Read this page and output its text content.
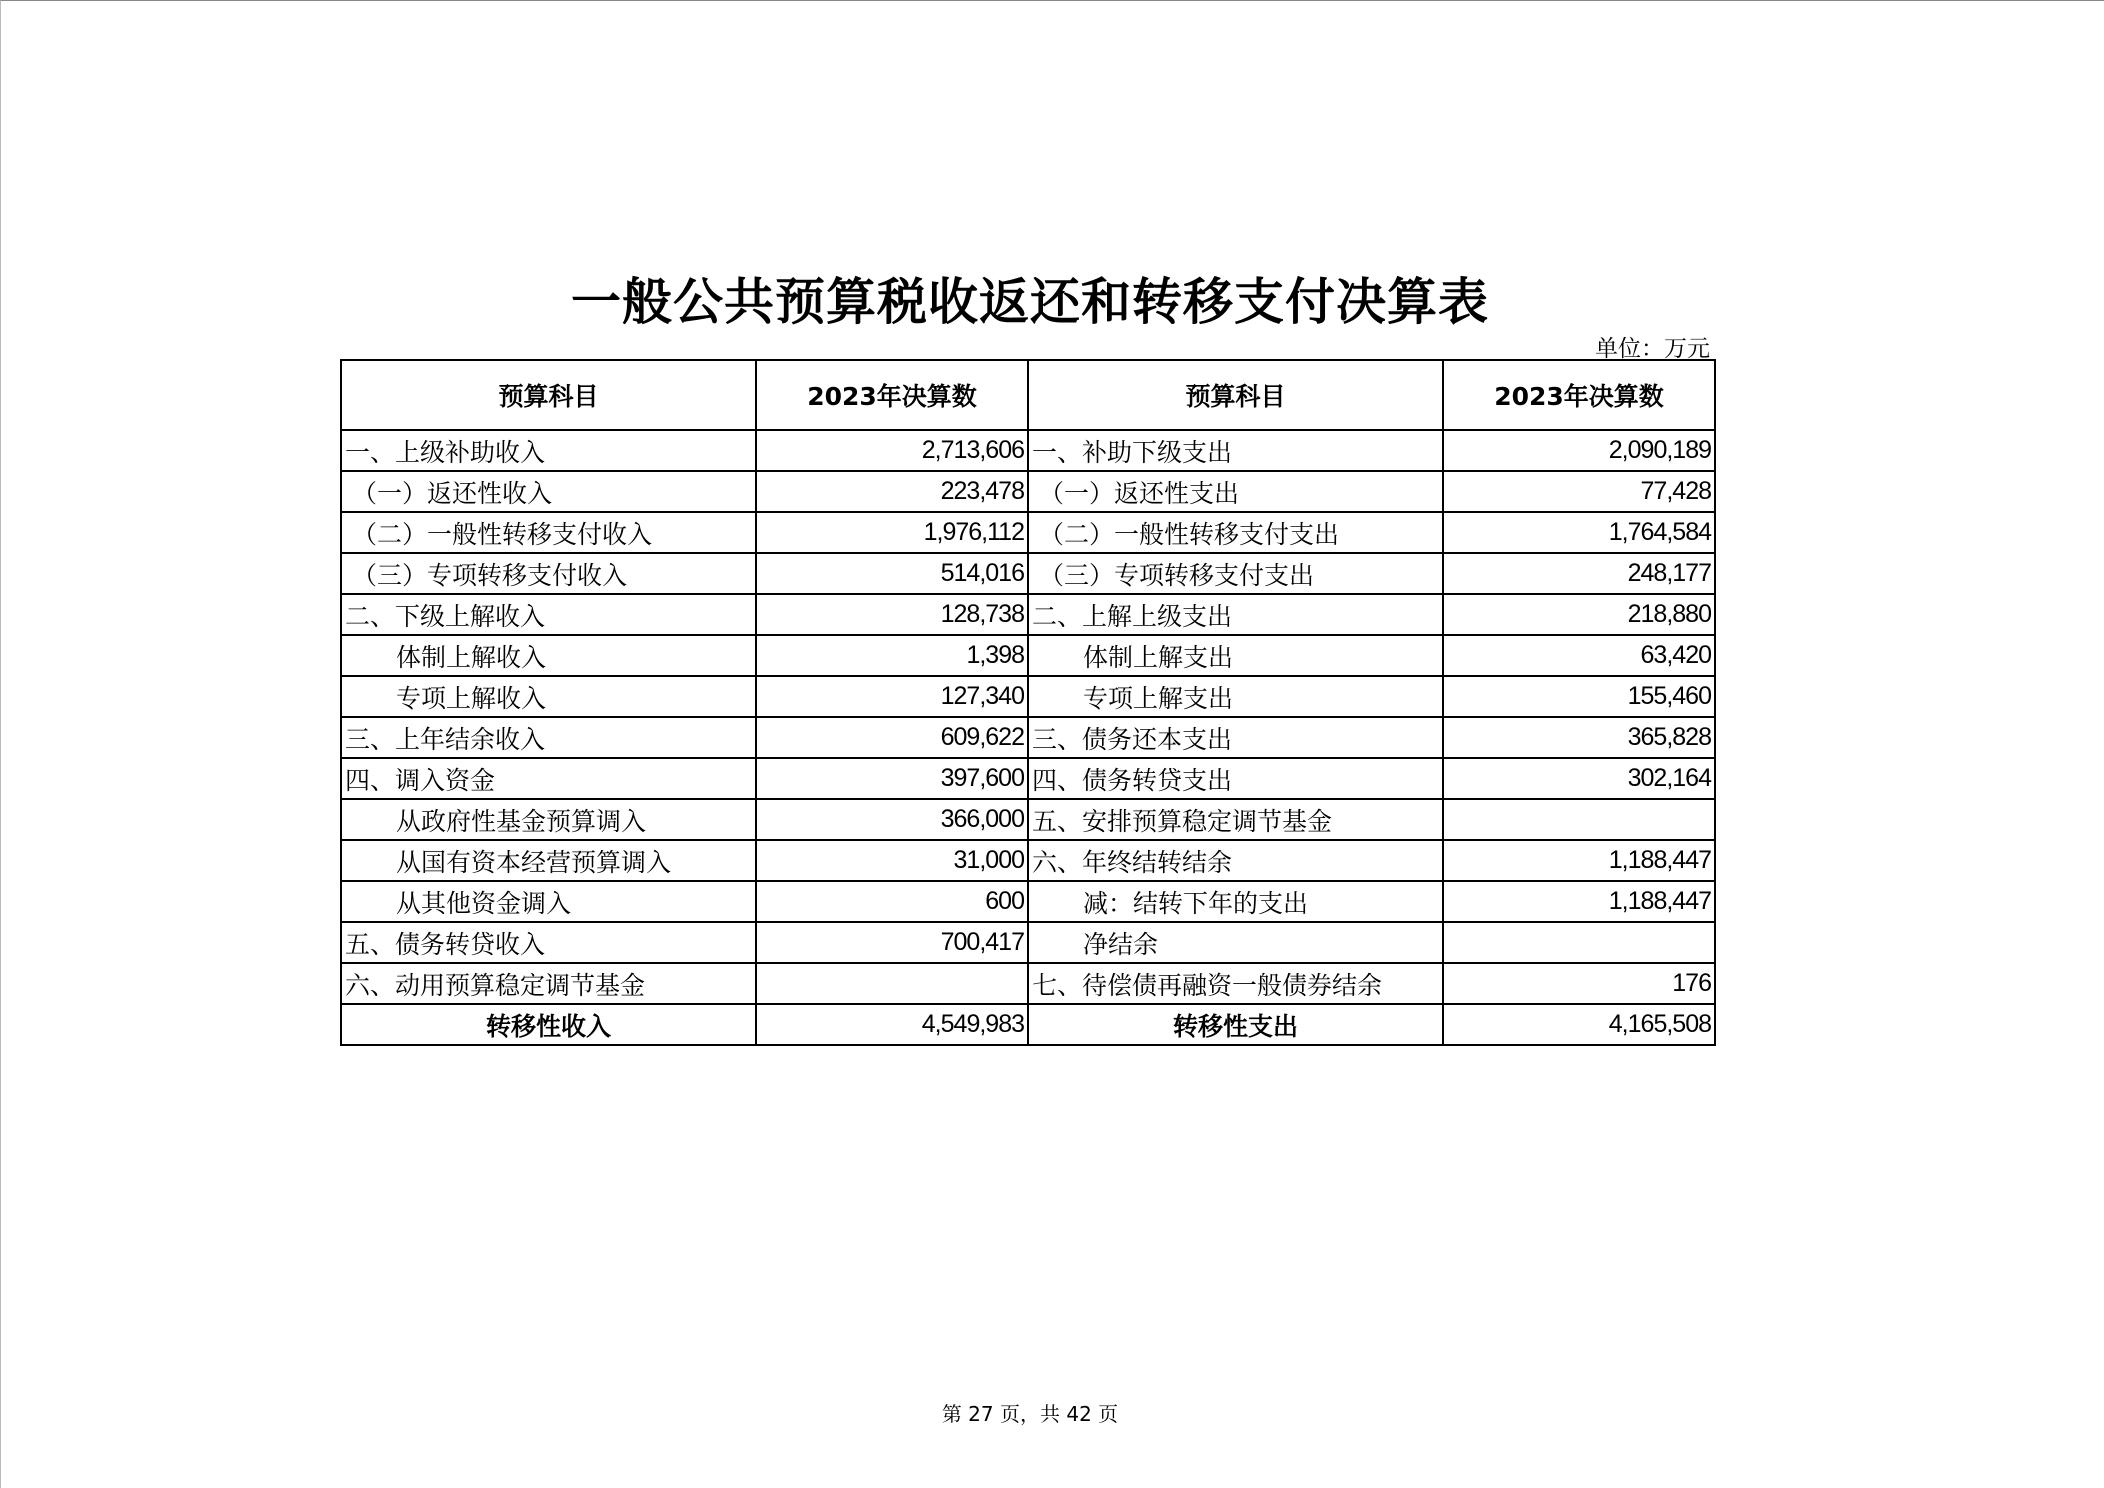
一般公共预算税收返还和转移支付决算表
单位：万元
预算科目	2023年决算数	预算科目	2023年决算数
一、上级补助收入	2,713,606	一、补助下级支出	2,090,189
（一）返还性收入	223,478	（一）返还性支出	77,428
（二）一般性转移支付收入	1,976,112	（二）一般性转移支付支出	1,764,584
（三）专项转移支付收入	514,016	（三）专项转移支付支出	248,177
二、下级上解收入	128,738	二、上解上级支出	218,880
体制上解收入	1,398	体制上解支出	63,420
专项上解收入	127,340	专项上解支出	155,460
三、上年结余收入	609,622	三、债务还本支出	365,828
四、调入资金	397,600	四、债务转贷支出	302,164
从政府性基金预算调入	366,000	五、安排预算稳定调节基金	
从国有资本经营预算调入	31,000	六、年终结转结余	1,188,447
从其他资金调入	600	减：结转下年的支出	1,188,447
五、债务转贷收入	700,417	净结余	
六、动用预算稳定调节基金		七、待偿债再融资一般债券结余	176
转移性收入	4,549,983	转移性支出	4,165,508
第 27 页，共 42 页
